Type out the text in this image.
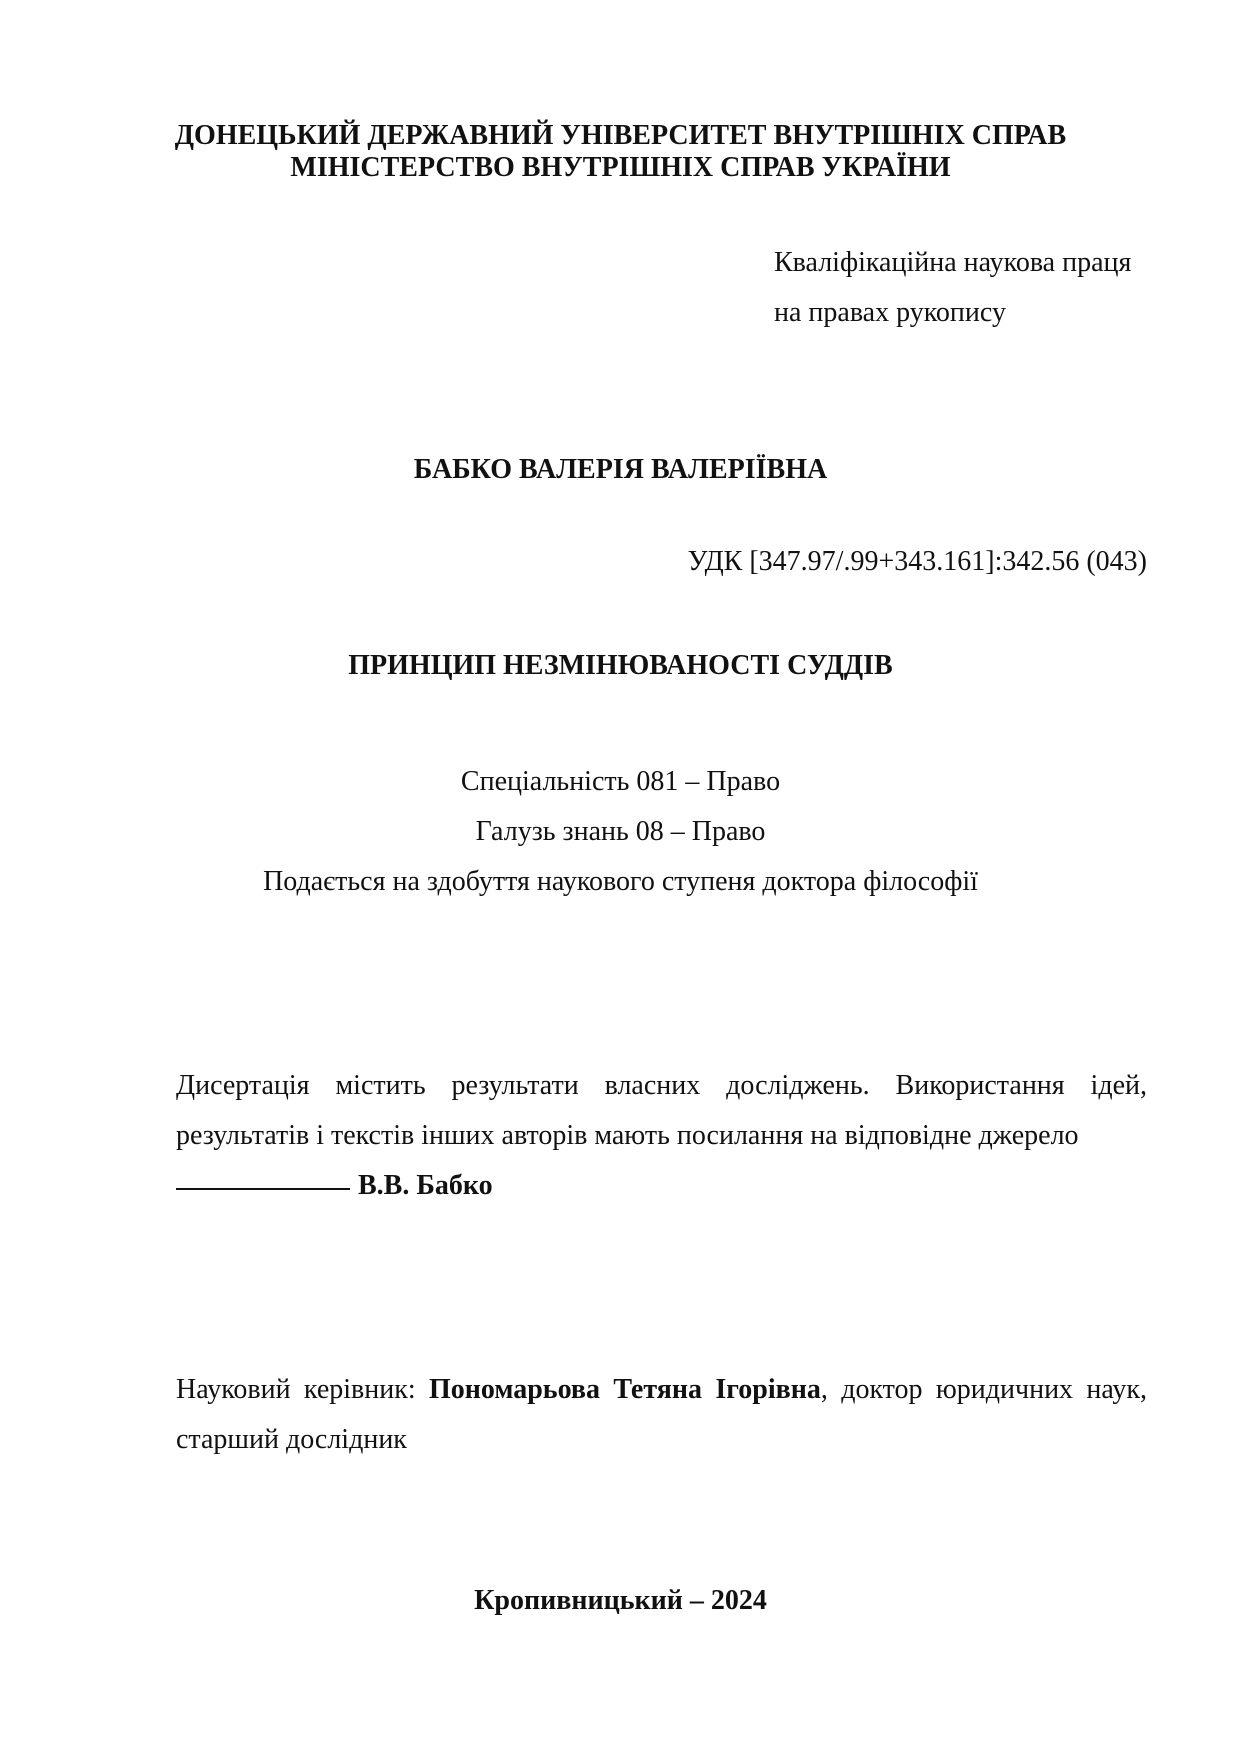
ДОНЕЦЬКИЙ ДЕРЖАВНИЙ УНІВЕРСИТЕТ ВНУТРІШНІХ СПРАВ
МІНІСТЕРСТВО ВНУТРІШНІХ СПРАВ УКРАЇНИ
Кваліфікаційна наукова праця
на правах рукопису
БАБКО ВАЛЕРІЯ ВАЛЕРІЇВНА
УДК [347.97/.99+343.161]:342.56 (043)
ПРИНЦИП НЕЗМІНЮВАНОСТІ СУДДІВ
Спеціальність 081 – Право
Галузь знань 08 – Право
Подається на здобуття наукового ступеня доктора філософії
Дисертація містить результати власних досліджень. Використання ідей,
результатів і текстів інших авторів мають посилання на відповідне джерело
В.В. Бабко
Науковий керівник: Пономарьова Тетяна Ігорівна, доктор юридичних наук,
старший дослідник
Кропивницький – 2024
